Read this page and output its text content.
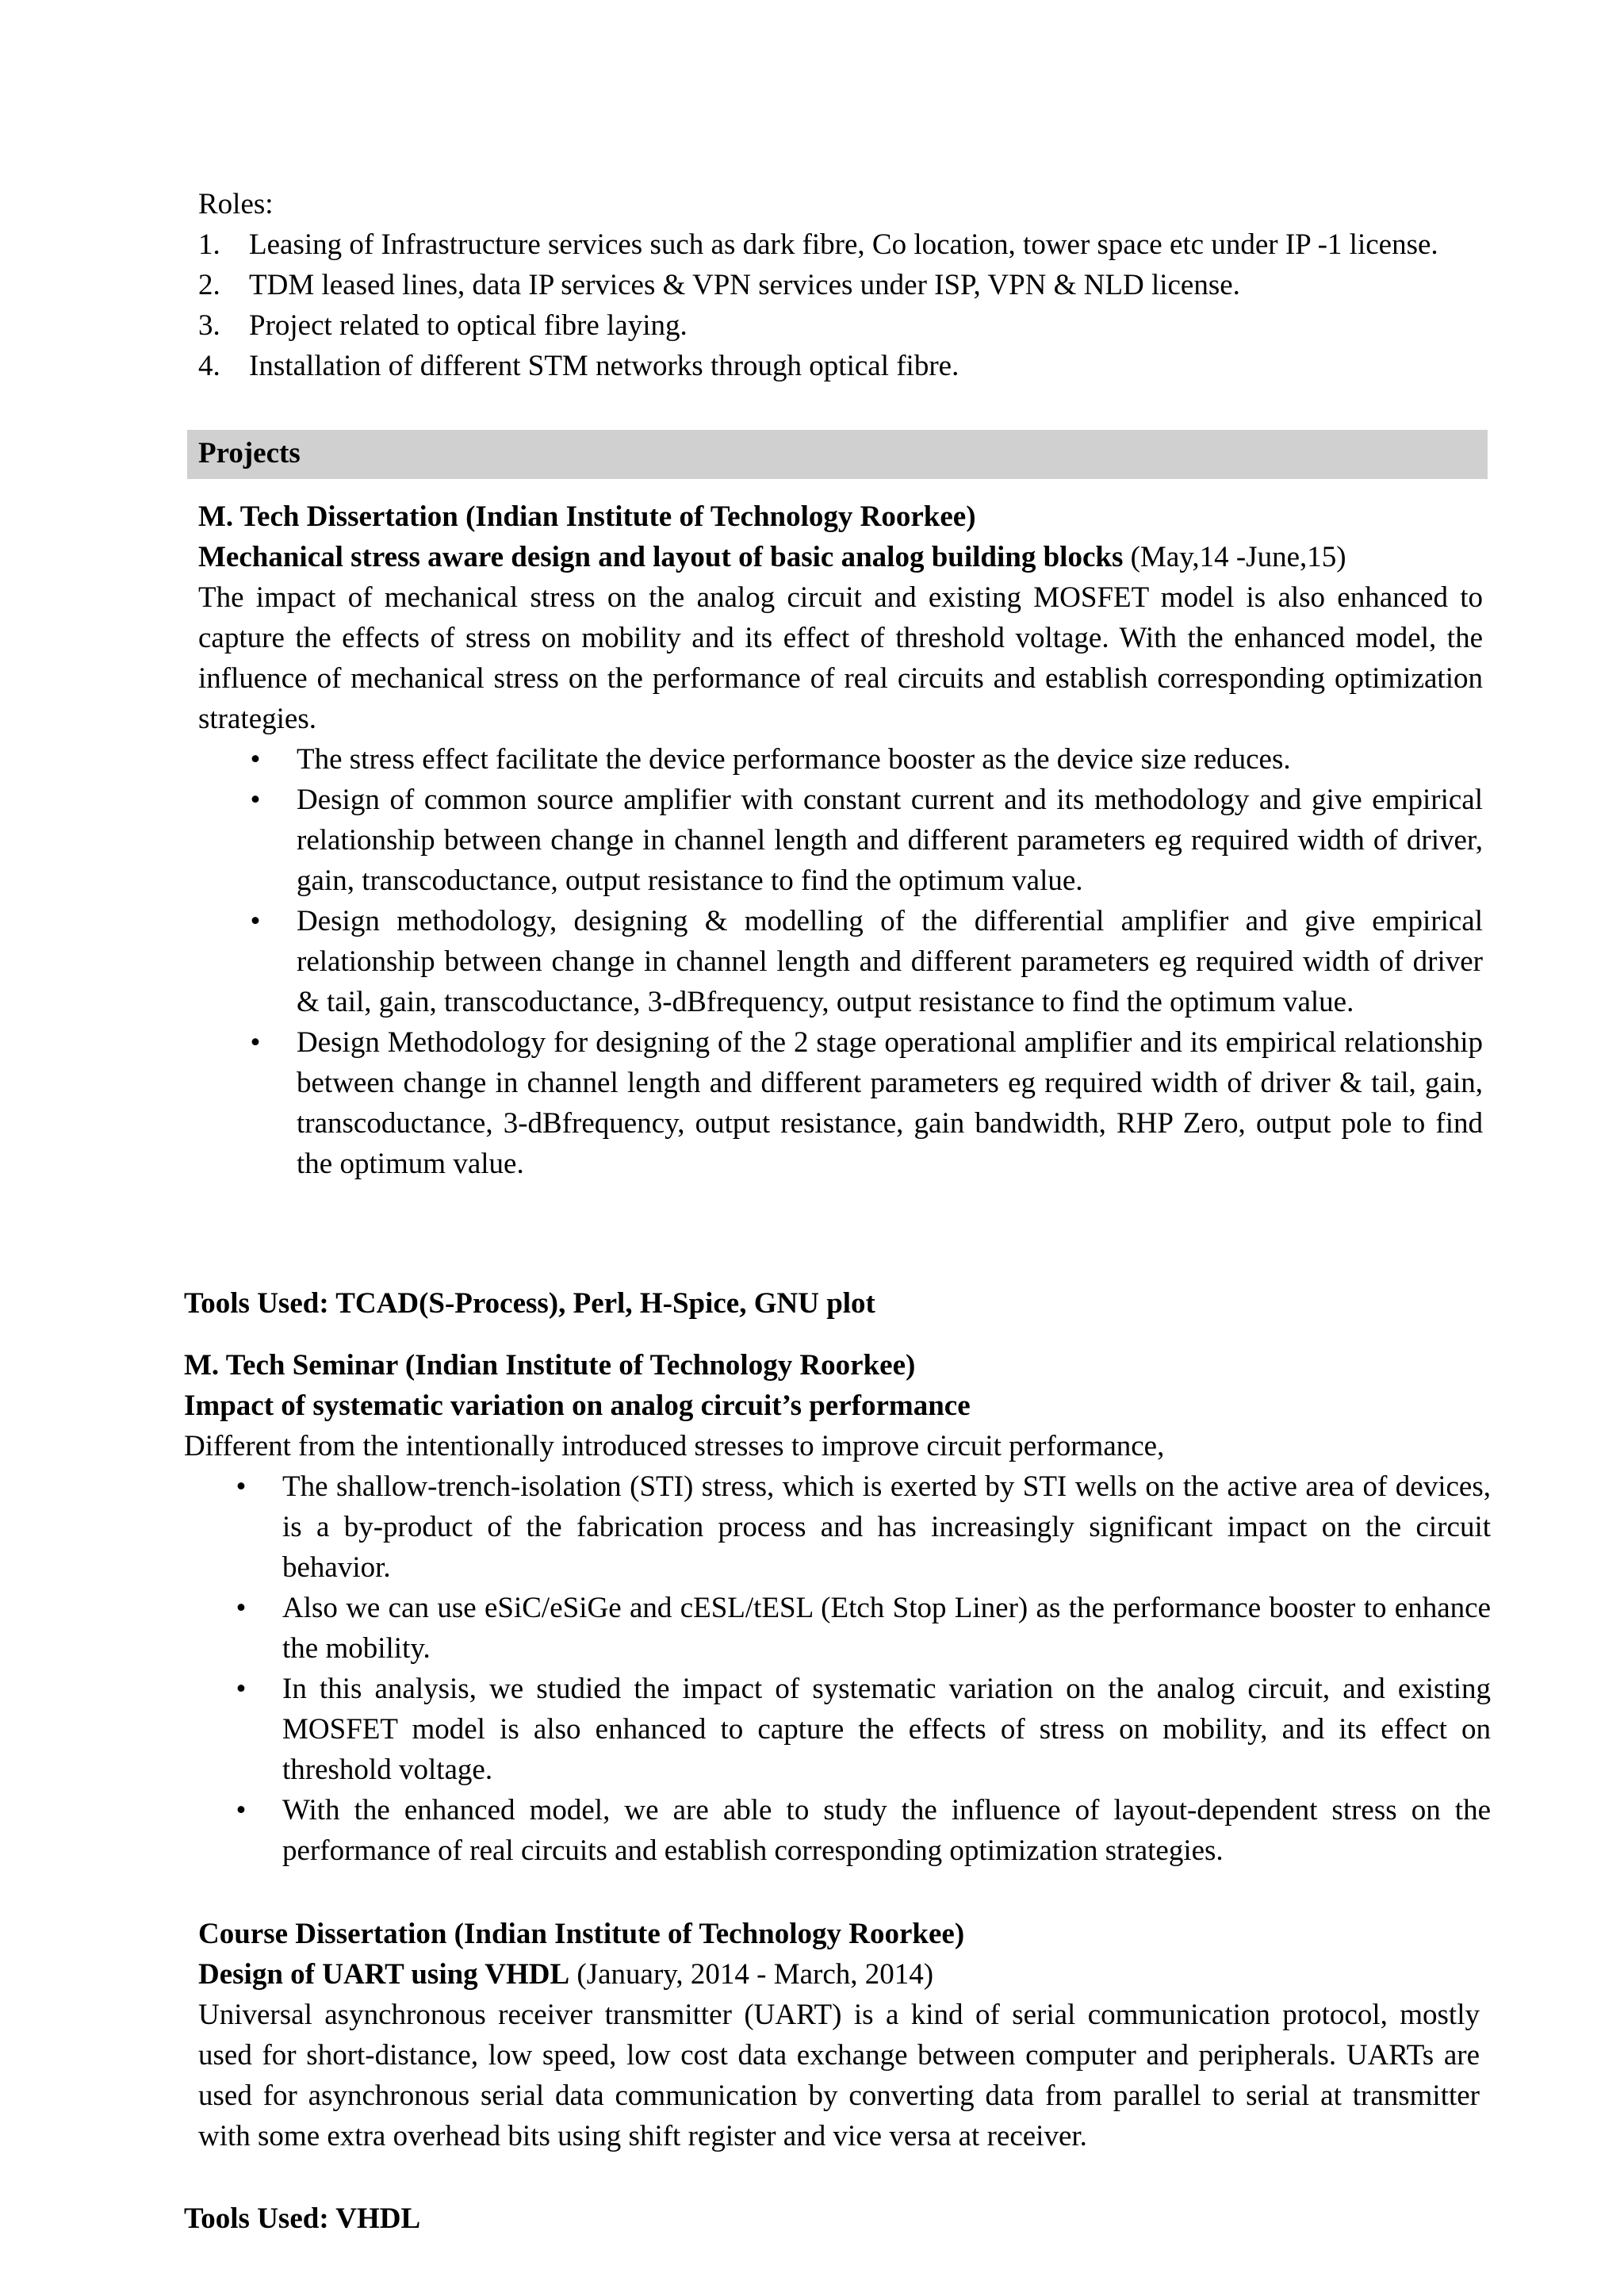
Roles:

1. Leasing of Infrastructure services such as dark fibre, Co location, tower space etc under IP -1 license.
2. TDM leased lines, data IP services & VPN services under ISP, VPN & NLD license.
3. Project related to optical fibre laying.
4. Installation of different STM networks through optical fibre.
Projects

M. Tech Dissertation (Indian Institute of Technology Roorkee)

Mechanical stress aware design and layout of basic analog building blocks (May,14 -June,15)

The impact of mechanical stress on the analog circuit and existing MOSFET model is also enhanced to capture the effects of stress on mobility and its effect of threshold voltage. With the enhanced model, the influence of mechanical stress on the performance of real circuits and establish corresponding optimization strategies.

• The stress effect facilitate the device performance booster as the device size reduces.
• Design of common source amplifier with constant current and its methodology and give empirical relationship between change in channel length and different parameters eg required width of driver, gain, transcoductance, output resistance to find the optimum value.
• Design methodology, designing & modelling of the differential amplifier and give empirical relationship between change in channel length and different parameters eg required width of driver & tail, gain, transcoductance, 3-dBfrequency, output resistance to find the optimum value.
• Design Methodology for designing of the 2 stage operational amplifier and its empirical relationship between change in channel length and different parameters eg required width of driver & tail, gain, transcoductance, 3-dBfrequency, output resistance, gain bandwidth, RHP Zero, output pole to find the optimum value.

Tools Used: TCAD(S-Process), Perl, H-Spice, GNU plot

M. Tech Seminar (Indian Institute of Technology Roorkee)

Impact of systematic variation on analog circuit’s performance

Different from the intentionally introduced stresses to improve circuit performance,

• The shallow-trench-isolation (STI) stress, which is exerted by STI wells on the active area of devices, is a by-product of the fabrication process and has increasingly significant impact on the circuit behavior.
• Also we can use eSiC/eSiGe and cESL/tESL (Etch Stop Liner) as the performance booster to enhance the mobility.
• In this analysis, we studied the impact of systematic variation on the analog circuit, and existing MOSFET model is also enhanced to capture the effects of stress on mobility, and its effect on threshold voltage.
• With the enhanced model, we are able to study the influence of layout-dependent stress on the performance of real circuits and establish corresponding optimization strategies.

Course Dissertation (Indian Institute of Technology Roorkee)

Design of UART using VHDL (January, 2014 - March, 2014)

Universal asynchronous receiver transmitter (UART) is a kind of serial communication protocol, mostly used for short-distance, low speed, low cost data exchange between computer and peripherals. UARTs are used for asynchronous serial data communication by converting data from parallel to serial at transmitter with some extra overhead bits using shift register and vice versa at receiver.

Tools Used: VHDL
